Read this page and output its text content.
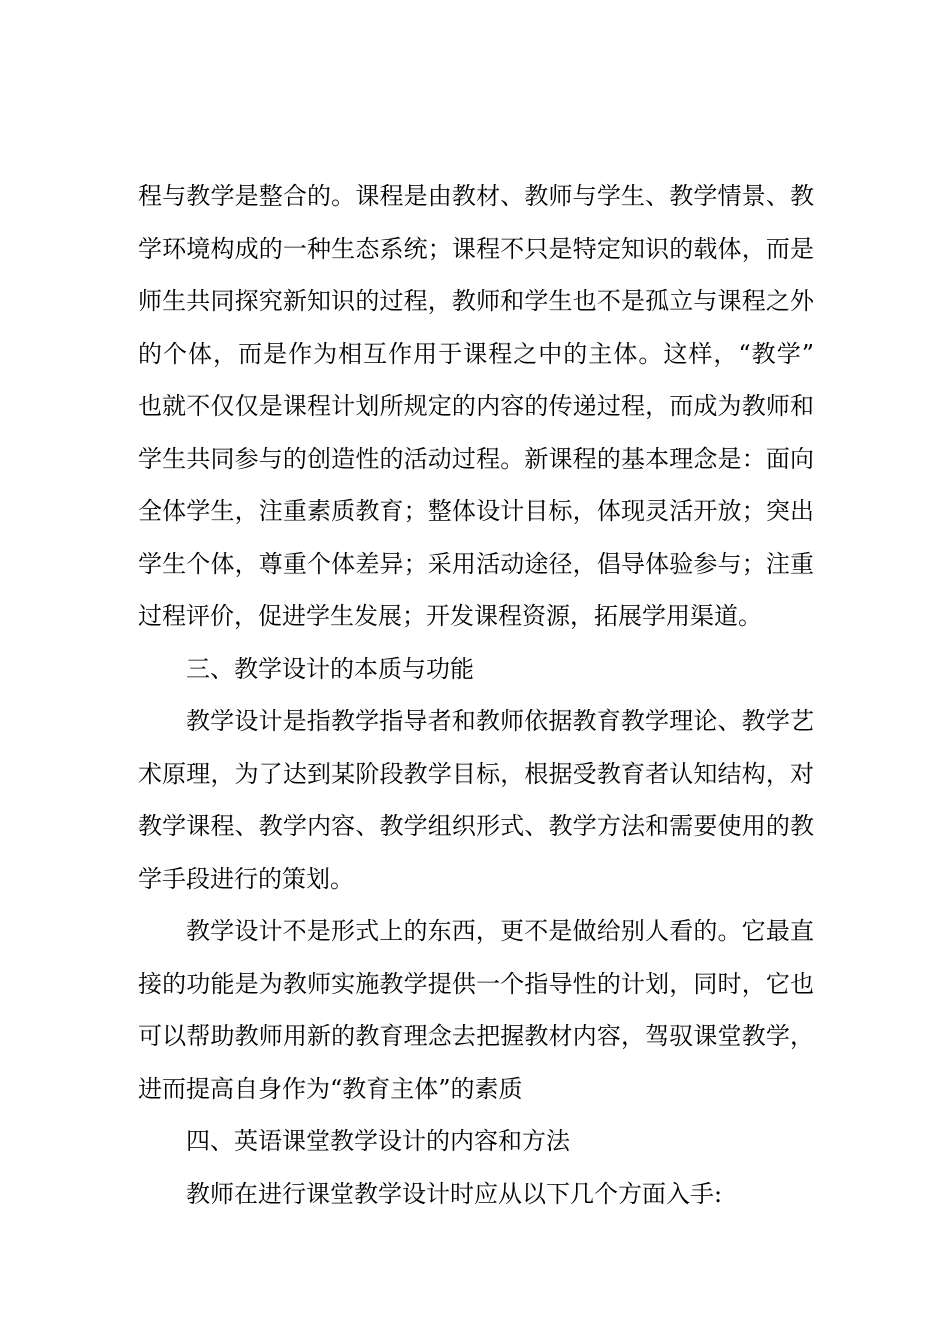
程与教学是整合的。课程是由教材、教师与学生、教学情景、教
学环境构成的一种生态系统；课程不只是特定知识的载体，而是
师生共同探究新知识的过程，教师和学生也不是孤立与课程之外
的个体，而是作为相互作用于课程之中的主体。这样，“教学”
也就不仅仅是课程计划所规定的内容的传递过程，而成为教师和
学生共同参与的创造性的活动过程。新课程的基本理念是：面向
全体学生，注重素质教育；整体设计目标，体现灵活开放；突出
学生个体，尊重个体差异；采用活动途径，倡导体验参与；注重
过程评价，促进学生发展；开发课程资源，拓展学用渠道。
三、教学设计的本质与功能
教学设计是指教学指导者和教师依据教育教学理论、教学艺
术原理，为了达到某阶段教学目标，根据受教育者认知结构，对
教学课程、教学内容、教学组织形式、教学方法和需要使用的教
学手段进行的策划。
教学设计不是形式上的东西，更不是做给别人看的。它最直
接的功能是为教师实施教学提供一个指导性的计划，同时，它也
可以帮助教师用新的教育理念去把握教材内容，驾驭课堂教学，
进而提高自身作为“教育主体”的素质
四、英语课堂教学设计的内容和方法
教师在进行课堂教学设计时应从以下几个方面入手:
